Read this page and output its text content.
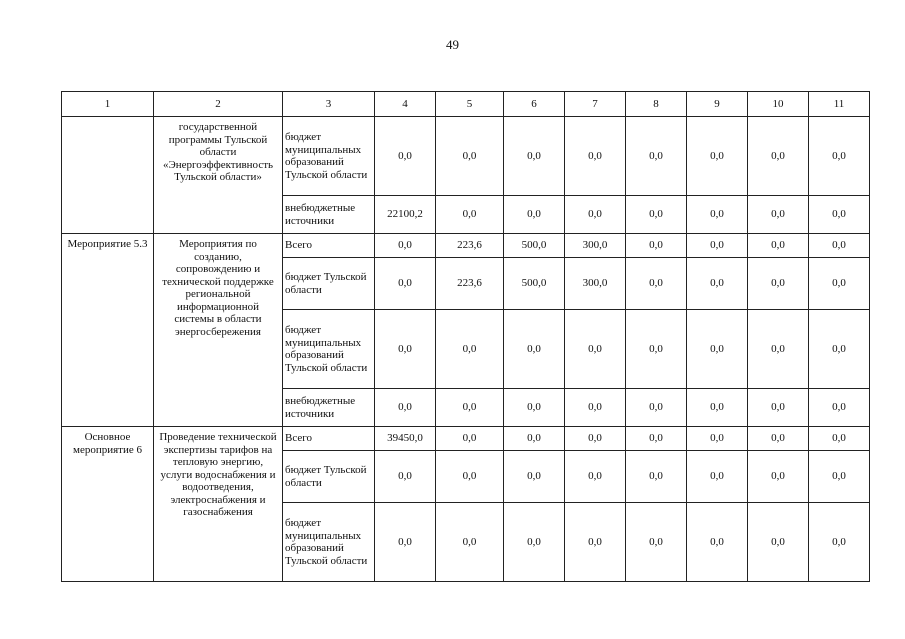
49
1	2	3	4	5	6	7	8	9	10	11
	государственной программы Тульской области «Энергоэффективность Тульской области»	бюджет муниципальных образований Тульской области	0,0	0,0	0,0	0,0	0,0	0,0	0,0	0,0
		внебюджетные источники	22100,2	0,0	0,0	0,0	0,0	0,0	0,0	0,0
Мероприятие 5.3	Мероприятия по созданию, сопровождению и технической поддержке региональной информационной системы в области энергосбережения	Всего	0,0	223,6	500,0	300,0	0,0	0,0	0,0	0,0
		бюджет Тульской области	0,0	223,6	500,0	300,0	0,0	0,0	0,0	0,0
		бюджет муниципальных образований Тульской области	0,0	0,0	0,0	0,0	0,0	0,0	0,0	0,0
		внебюджетные источники	0,0	0,0	0,0	0,0	0,0	0,0	0,0	0,0
Основное мероприятие 6	Проведение технической экспертизы тарифов на тепловую энергию, услуги водоснабжения и водоотведения, электроснабжения и газоснабжения	Всего	39450,0	0,0	0,0	0,0	0,0	0,0	0,0	0,0
		бюджет Тульской области	0,0	0,0	0,0	0,0	0,0	0,0	0,0	0,0
		бюджет муниципальных образований Тульской области	0,0	0,0	0,0	0,0	0,0	0,0	0,0	0,0
